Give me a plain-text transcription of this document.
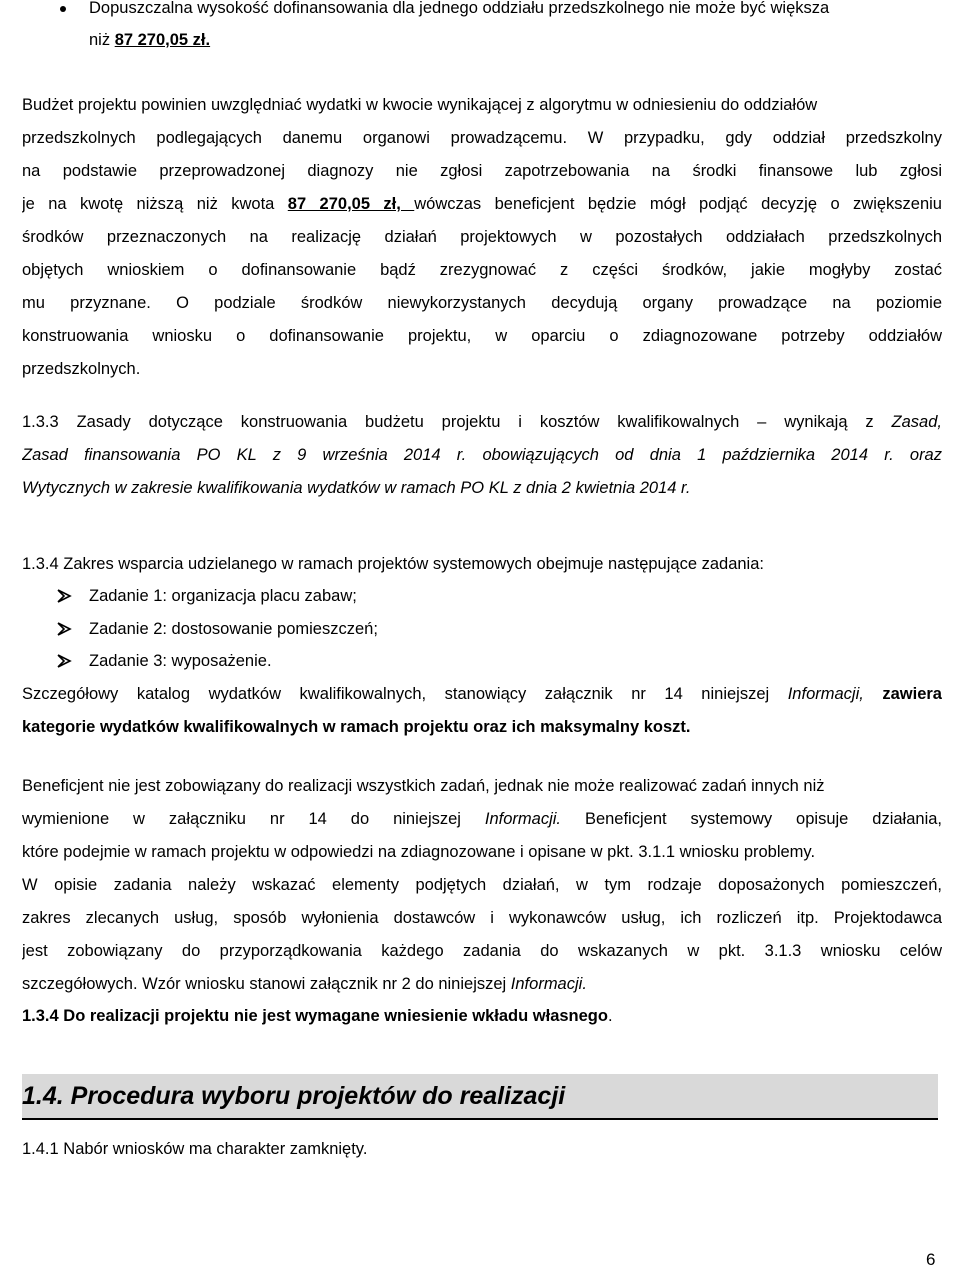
Dopuszczalna wysokość dofinansowania dla jednego oddziału przedszkolnego nie może być większa
niż 87 270,05 zł.
Budżet projektu powinien uwzględniać wydatki w kwocie wynikającej z algorytmu w odniesieniu do oddziałów
przedszkolnych podlegających danemu organowi prowadzącemu. W przypadku, gdy oddział przedszkolny
na podstawie przeprowadzonej diagnozy nie zgłosi zapotrzebowania na środki finansowe lub zgłosi
je na kwotę niższą niż kwota 87 270,05 zł, wówczas beneficjent będzie mógł podjąć decyzję o zwiększeniu
środków przeznaczonych na realizację działań projektowych w pozostałych oddziałach przedszkolnych
objętych wnioskiem o dofinansowanie bądź zrezygnować z części środków, jakie mogłyby zostać
mu przyznane. O podziale środków niewykorzystanych decydują organy prowadzące na poziomie
konstruowania wniosku o dofinansowanie projektu, w oparciu o zdiagnozowane potrzeby oddziałów
przedszkolnych.
1.3.3 Zasady dotyczące konstruowania budżetu projektu i kosztów kwalifikowalnych – wynikają z Zasad,
Zasad finansowania PO KL z 9 września 2014 r. obowiązujących od dnia 1 października 2014 r. oraz
Wytycznych w zakresie kwalifikowania wydatków w ramach PO KL z dnia 2 kwietnia 2014 r.
1.3.4 Zakres wsparcia udzielanego w ramach projektów systemowych obejmuje następujące zadania:
Zadanie 1: organizacja placu zabaw;
Zadanie 2: dostosowanie pomieszczeń;
Zadanie 3: wyposażenie.
Szczegółowy katalog wydatków kwalifikowalnych, stanowiący załącznik nr 14 niniejszej Informacji, zawiera
kategorie wydatków kwalifikowalnych w ramach projektu oraz ich maksymalny koszt.
Beneficjent nie jest zobowiązany do realizacji wszystkich zadań, jednak nie może realizować zadań innych niż
wymienione w załączniku nr 14 do niniejszej Informacji. Beneficjent systemowy opisuje działania,
które podejmie w ramach projektu w odpowiedzi na zdiagnozowane i opisane w pkt. 3.1.1 wniosku problemy.
W opisie zadania należy wskazać elementy podjętych działań, w tym rodzaje doposażonych pomieszczeń,
zakres zlecanych usług, sposób wyłonienia dostawców i wykonawców usług, ich rozliczeń itp. Projektodawca
jest zobowiązany do przyporządkowania każdego zadania do wskazanych w pkt. 3.1.3 wniosku celów
szczegółowych. Wzór wniosku stanowi załącznik nr 2 do niniejszej Informacji.
1.3.4 Do realizacji projektu nie jest wymagane wniesienie wkładu własnego.
1.4. Procedura wyboru projektów do realizacji
1.4.1 Nabór wniosków ma charakter zamknięty.
6
